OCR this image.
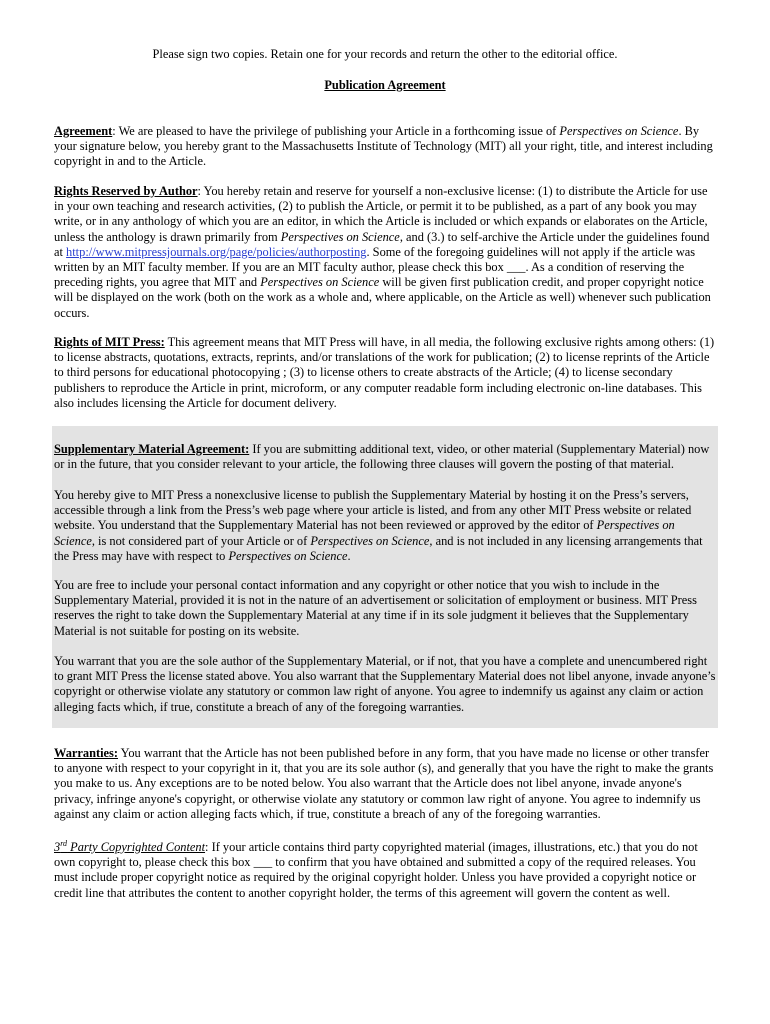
Please sign two copies. Retain one for your records and return the other to the editorial office.

Publication Agreement

Agreement: We are pleased to have the privilege of publishing your Article in a forthcoming issue of Perspectives on Science. By your signature below, you hereby grant to the Massachusetts Institute of Technology (MIT) all your right, title, and interest including copyright in and to the Article.

Rights Reserved by Author: You hereby retain and reserve for yourself a non-exclusive license: (1) to distribute the Article for use in your own teaching and research activities, (2) to publish the Article, or permit it to be published, as a part of any book you may write, or in any anthology of which you are an editor, in which the Article is included or which expands or elaborates on the Article, unless the anthology is drawn primarily from Perspectives on Science, and (3.) to self-archive the Article under the guidelines found at http://www.mitpressjournals.org/page/policies/authorposting. Some of the foregoing guidelines will not apply if the article was written by an MIT faculty member. If you are an MIT faculty author, please check this box ___. As a condition of reserving the preceding rights, you agree that MIT and Perspectives on Science will be given first publication credit, and proper copyright notice will be displayed on the work (both on the work as a whole and, where applicable, on the Article as well) whenever such publication occurs.

Rights of MIT Press: This agreement means that MIT Press will have, in all media, the following exclusive rights among others: (1) to license abstracts, quotations, extracts, reprints, and/or translations of the work for publication; (2) to license reprints of the Article to third persons for educational photocopying ; (3) to license others to create abstracts of the Article; (4) to license secondary publishers to reproduce the Article in print, microform, or any computer readable form including electronic on-line databases. This also includes licensing the Article for document delivery.

Supplementary Material Agreement: If you are submitting additional text, video, or other material (Supplementary Material) now or in the future, that you consider relevant to your article, the following three clauses will govern the posting of that material.

You hereby give to MIT Press a nonexclusive license to publish the Supplementary Material by hosting it on the Press’s servers, accessible through a link from the Press’s web page where your article is listed, and from any other MIT Press website or related website. You understand that the Supplementary Material has not been reviewed or approved by the editor of Perspectives on Science, is not considered part of your Article or of Perspectives on Science, and is not included in any licensing arrangements that the Press may have with respect to Perspectives on Science.

You are free to include your personal contact information and any copyright or other notice that you wish to include in the Supplementary Material, provided it is not in the nature of an advertisement or solicitation of employment or business. MIT Press reserves the right to take down the Supplementary Material at any time if in its sole judgment it believes that the Supplementary Material is not suitable for posting on its website.

You warrant that you are the sole author of the Supplementary Material, or if not, that you have a complete and unencumbered right to grant MIT Press the license stated above. You also warrant that the Supplementary Material does not libel anyone, invade anyone’s copyright or otherwise violate any statutory or common law right of anyone. You agree to indemnify us against any claim or action alleging facts which, if true, constitute a breach of any of the foregoing warranties.

Warranties: You warrant that the Article has not been published before in any form, that you have made no license or other transfer to anyone with respect to your copyright in it, that you are its sole author (s), and generally that you have the right to make the grants you make to us. Any exceptions are to be noted below. You also warrant that the Article does not libel anyone, invade anyone's privacy, infringe anyone's copyright, or otherwise violate any statutory or common law right of anyone. You agree to indemnify us against any claim or action alleging facts which, if true, constitute a breach of any of the foregoing warranties.

3rd Party Copyrighted Content: If your article contains third party copyrighted material (images, illustrations, etc.) that you do not own copyright to, please check this box ___ to confirm that you have obtained and submitted a copy of the required releases. You must include proper copyright notice as required by the original copyright holder. Unless you have provided a copyright notice or credit line that attributes the content to another copyright holder, the terms of this agreement will govern the content as well.
